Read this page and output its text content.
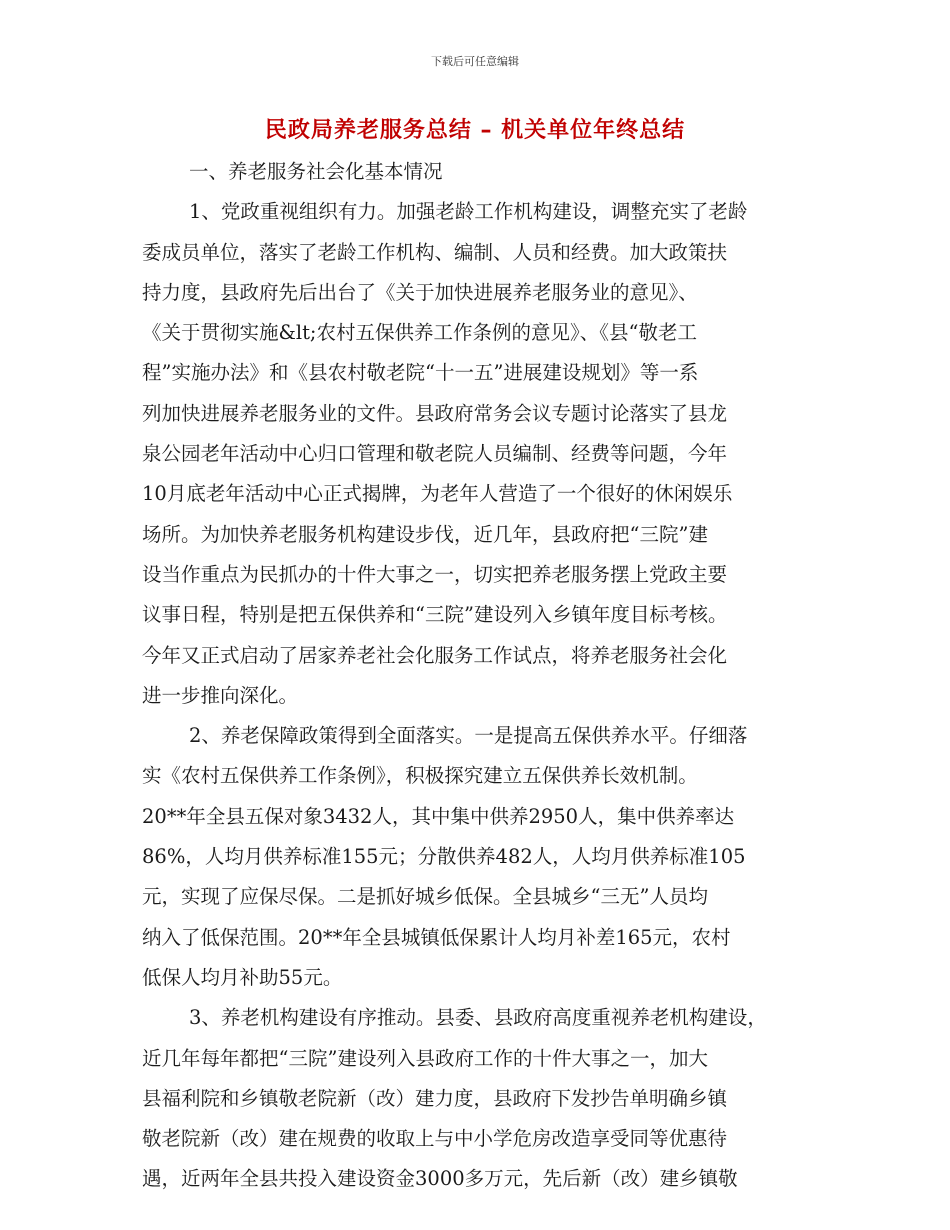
下载后可任意编辑
民政局养老服务总结 – 机关单位年终总结
一、养老服务社会化基本情况
1、党政重视组织有力。加强老龄工作机构建设，调整充实了老龄
委成员单位，落实了老龄工作机构、编制、人员和经费。加大政策扶
持力度，县政府先后出台了《关于加快进展养老服务业的意见》、
《关于贯彻实施&lt;农村五保供养工作条例的意见》、《县“敬老工
程”实施办法》和《县农村敬老院“十一五”进展建设规划》等一系
列加快进展养老服务业的文件。县政府常务会议专题讨论落实了县龙
泉公园老年活动中心归口管理和敬老院人员编制、经费等问题，今年
10月底老年活动中心正式揭牌，为老年人营造了一个很好的休闲娱乐
场所。为加快养老服务机构建设步伐，近几年，县政府把“三院”建
设当作重点为民抓办的十件大事之一，切实把养老服务摆上党政主要
议事日程，特别是把五保供养和“三院”建设列入乡镇年度目标考核。
今年又正式启动了居家养老社会化服务工作试点，将养老服务社会化
进一步推向深化。
2、养老保障政策得到全面落实。一是提高五保供养水平。仔细落
实《农村五保供养工作条例》，积极探究建立五保供养长效机制。
20**年全县五保对象3432人，其中集中供养2950人，集中供养率达
86%，人均月供养标准155元；分散供养482人，人均月供养标准105
元，实现了应保尽保。二是抓好城乡低保。全县城乡“三无”人员均
纳入了低保范围。20**年全县城镇低保累计人均月补差165元，农村
低保人均月补助55元。
3、养老机构建设有序推动。县委、县政府高度重视养老机构建设，
近几年每年都把“三院”建设列入县政府工作的十件大事之一，加大
县福利院和乡镇敬老院新（改）建力度，县政府下发抄告单明确乡镇
敬老院新（改）建在规费的收取上与中小学危房改造享受同等优惠待
遇，近两年全县共投入建设资金3000多万元，先后新（改）建乡镇敬
